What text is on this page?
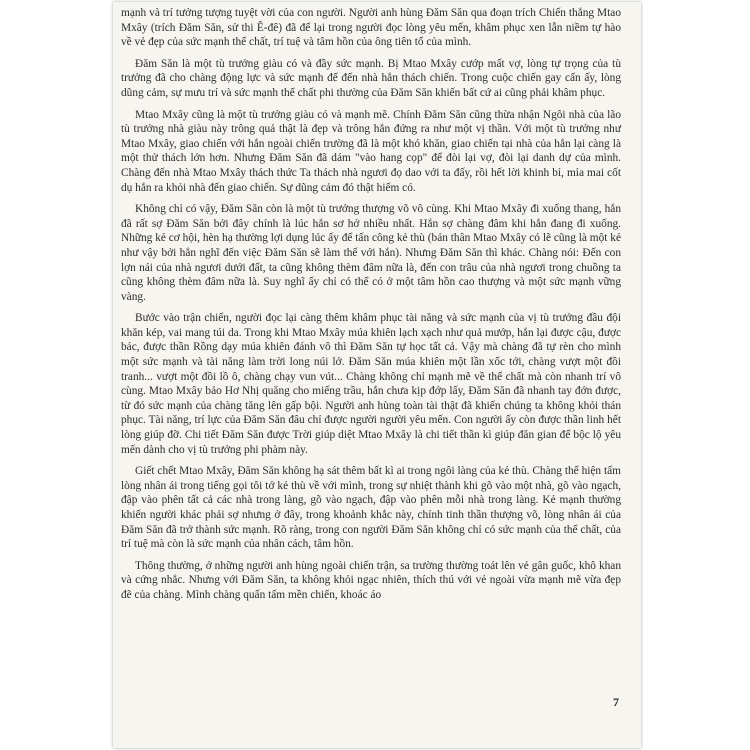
mạnh và trí tưởng tượng tuyệt vời của con người. Người anh hùng Đăm Săn qua đoạn trích Chiến thắng Mtao Mxây (trích Đăm Săn, sử thi Ê-đê) đã để lại trong người đọc lòng yêu mến, khâm phục xen lẫn niềm tự hào về vẻ đẹp của sức mạnh thể chất, trí tuệ và tâm hồn của ông tiên tổ của mình.

Đăm Săn là một tù trưởng giàu có và đầy sức mạnh. Bị Mtao Mxây cướp mất vợ, lòng tự trọng của tù trưởng đã cho chàng động lực và sức mạnh để đến nhà hắn thách chiến. Trong cuộc chiến gay cấn ấy, lòng dũng cảm, sự mưu trí và sức mạnh thể chất phi thường của Đăm Săn khiến bất cứ ai cũng phải khâm phục.

Mtao Mxây cũng là một tù trưởng giàu có và mạnh mẽ. Chính Đăm Săn cũng thừa nhận Ngôi nhà của lão tù trưởng nhà giàu này trông quả thật là đẹp và trông hắn đứng ra như một vị thần. Với một tù trưởng như Mtao Mxây, giao chiến với hắn ngoài chiến trường đã là một khó khăn, giao chiến tại nhà của hắn lại càng là một thử thách lớn hơn. Nhưng Đăm Săn đã dám "vào hang cọp" để đòi lại vợ, đòi lại danh dự của mình. Chàng đến nhà Mtao Mxây thách thức Ta thách nhà ngươi đọ dao với ta đấy, rồi hết lời khinh bỉ, mỉa mai cốt dụ hắn ra khỏi nhà đến giao chiến. Sự dũng cảm đó thật hiếm có.

Không chỉ có vậy, Đăm Săn còn là một tù trưởng thượng võ vô cùng. Khi Mtao Mxây đi xuống thang, hắn đã rất sợ Đăm Săn bởi đây chính là lúc hắn sơ hở nhiều nhất. Hắn sợ chàng đâm khi hắn đang đi xuống. Những kẻ cơ hội, hèn hạ thường lợi dụng lúc ấy để tấn công kẻ thù (bản thân Mtao Mxây có lẽ cũng là một kẻ như vậy bởi hắn nghĩ đến việc Đăm Săn sẽ làm thế với hắn). Nhưng Đăm Săn thì khác. Chàng nói: Đến con lợn nái của nhà ngươi dưới đất, ta cũng không thèm đâm nữa là, đến con trâu của nhà ngươi trong chuồng ta cũng không thèm đâm nữa là. Suy nghĩ ấy chỉ có thể có ở một tâm hồn cao thượng và một sức mạnh vững vàng.

Bước vào trận chiến, người đọc lại càng thêm khâm phục tài năng và sức mạnh của vị tù trưởng đầu đội khăn kép, vai mang túi da. Trong khi Mtao Mxây múa khiên lạch xạch như quả mướp, hắn lại được cậu, được bác, được thần Rồng dạy múa khiên đánh vô thì Đăm Săn tự học tất cả. Vậy mà chàng đã tự rèn cho mình một sức mạnh và tài năng làm trời long núi lở. Đăm Săn múa khiên một lần xốc tới, chàng vượt một đồi tranh... vượt một đồi lồ ô, chàng chạy vun vút... Chàng không chỉ mạnh mẽ về thể chất mà còn nhanh trí vô cùng. Mtao Mxây bảo Hơ Nhị quăng cho miếng trầu, hắn chưa kịp đớp lấy, Đăm Săn đã nhanh tay đớn được, từ đó sức mạnh của chàng tăng lên gấp bội. Người anh hùng toàn tài thật đã khiến chúng ta không khỏi thán phục. Tài năng, trí lực của Đăm Săn đâu chỉ được người người yêu mến. Con người ấy còn được thần linh hết lòng giúp đỡ. Chi tiết Đăm Săn được Trời giúp diệt Mtao Mxây là chi tiết thần kì giúp đăn gian để bộc lộ yêu mến dành cho vị tù trưởng phi phàm này.

Giết chết Mtao Mxây, Đăm Săn không hạ sát thêm bất kì ai trong ngôi làng của kẻ thù. Chàng thể hiện tấm lòng nhân ái trong tiếng gọi tôi tớ kẻ thù về với mình, trong sự nhiệt thành khi gõ vào một nhà, gõ vào ngạch, đập vào phên tất cả các nhà trong làng, gõ vào ngạch, đập vào phên mỗi nhà trong làng. Kẻ mạnh thường khiến người khác phải sợ nhưng ở đây, trong khoảnh khắc này, chính tinh thần thượng võ, lòng nhân ái của Đăm Săn đã trở thành sức mạnh. Rõ ràng, trong con người Đăm Săn không chỉ có sức mạnh của thể chất, của trí tuệ mà còn là sức mạnh của nhân cách, tâm hồn.

Thông thường, ở những người anh hùng ngoài chiến trận, sa trường thường toát lên vẻ gân guốc, khô khan và cứng nhắc. Nhưng với Đăm Săn, ta không khỏi ngạc nhiên, thích thú với vẻ ngoài vừa mạnh mẽ vừa đẹp đẽ của chàng. Mình chàng quấn tấm mền chiến, khoác áo

7
